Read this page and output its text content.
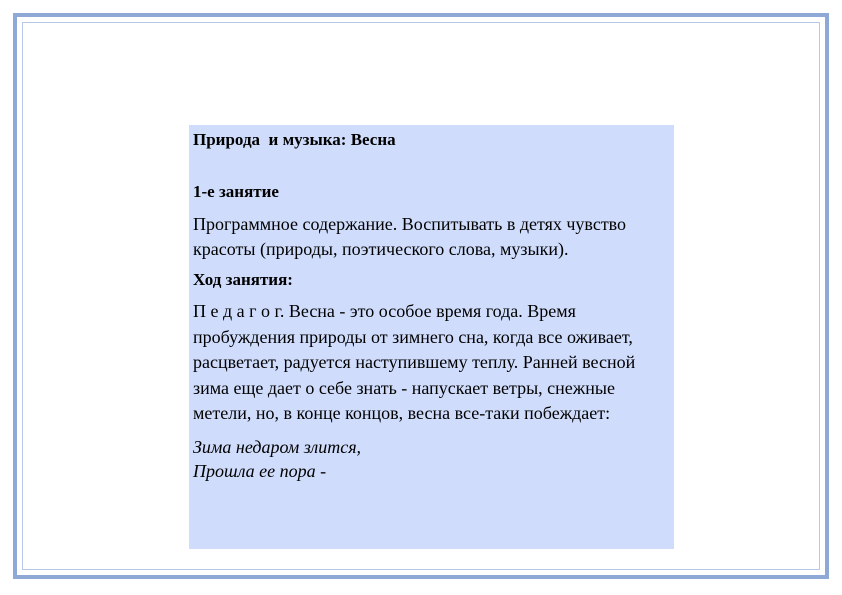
Природа  и музыка: Весна

1-е занятие

Программное содержание. Воспитывать в детях чувство красоты (природы, поэтического слова, музыки).

Ход занятия:

П е д а г о г. Весна - это особое время года. Время пробуждения природы от зимнего сна, когда все оживает, расцветает, радуется наступившему теплу. Ранней весной зима еще дает о себе знать - напускает ветры, снежные метели, но, в конце концов, весна все-таки побеждает:

Зима недаром злится,
Прошла ее пора -
